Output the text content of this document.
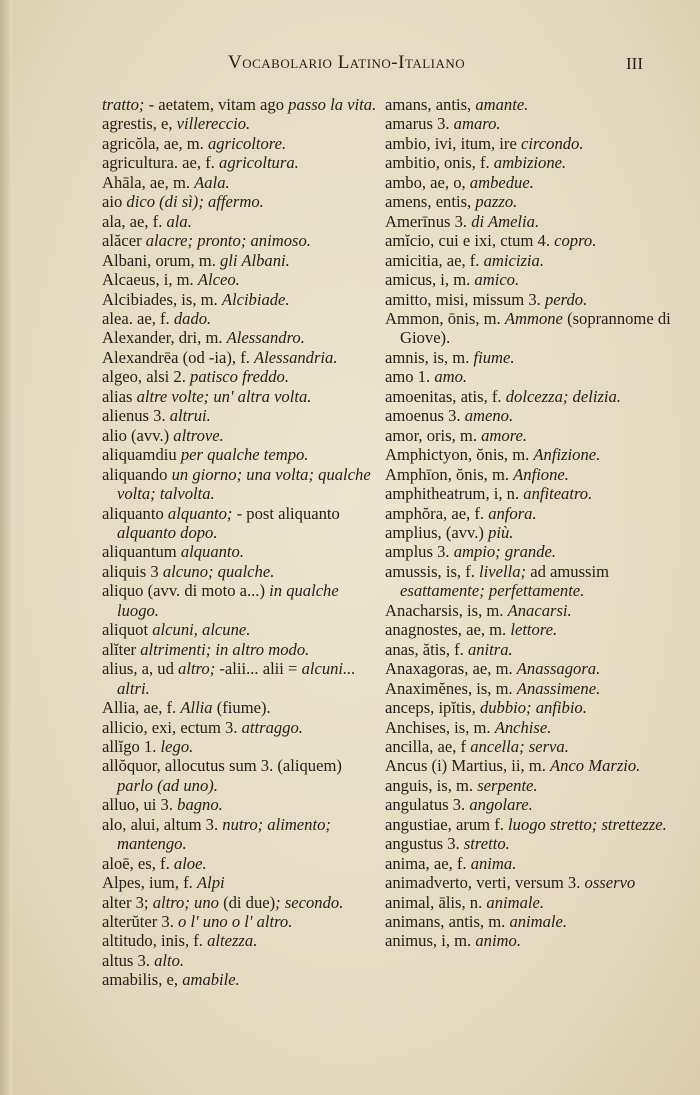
Vocabolario Latino-Italiano	III

tratto; - aetatem, vitam ago passo la vita.

agrestis, e, villereccio.

agricŏla, ae, m. agricoltore.

agricultura. ae, f. agricoltura.

Ahāla, ae, m. Aala.

aio dico (di sì); affermo.

ala, ae, f. ala.

alăcer alacre; pronto; animoso.

Albani, orum, m. gli Albani.

Alcaeus, i, m. Alceo.

Alcibiades, is, m. Alcibiade.

alea. ae, f. dado.

Alexander, dri, m. Alessandro.

Alexandrēa (od -ia), f. Alessandria.

algeo, alsi 2. patisco freddo.

alias altre volte; un' altra volta.

alienus 3. altrui.

alio (avv.) altrove.

aliquamdiu per qualche tempo.

aliquando un giorno; una volta; qualche volta; talvolta.

aliquanto alquanto; - post aliquanto alquanto dopo.

aliquantum alquanto.

aliquis 3 alcuno; qualche.

aliquo (avv. di moto a...) in qualche luogo.

aliquot alcuni, alcune.

alĭter altrimenti; in altro modo.

alius, a, ud altro; -alii... alii = alcuni... altri.

Allia, ae, f. Allia (fiume).

allicio, exi, ectum 3. attraggo.

allĭgo 1. lego.

allŏquor, allocutus sum 3. (aliquem) parlo (ad uno).

alluo, ui 3. bagno.

alo, alui, altum 3. nutro; alimento; mantengo.

aloē, es, f. aloe.

Alpes, ium, f. Alpi

alter 3; altro; uno (di due); secondo.

alterŭter 3. o l' uno o l' altro.

altitudo, inis, f. altezza.

altus 3. alto.

amabilis, e, amabile.

amans, antis, amante.

amarus 3. amaro.

ambio, ivi, itum, ire circondo.

ambitio, onis, f. ambizione.

ambo, ae, o, ambedue.

amens, entis, pazzo.

Amerīnus 3. di Amelia.

amĭcio, cui e ixi, ctum 4. copro.

amicitia, ae, f. amicizia.

amicus, i, m. amico.

amitto, misi, missum 3. perdo.

Ammon, ōnis, m. Ammone (soprannome di Giove).

amnis, is, m. fiume.

amo 1. amo.

amoenitas, atis, f. dolcezza; delizia.

amoenus 3. ameno.

amor, oris, m. amore.

Amphictyon, ŏnis, m. Anfizione.

Amphīon, ŏnis, m. Anfione.

amphitheatrum, i, n. anfiteatro.

amphŏra, ae, f. anfora.

amplius, (avv.) più.

amplus 3. ampio; grande.

amussis, is, f. livella; ad amussim esattamente; perfettamente.

Anacharsis, is, m. Anacarsi.

anagnostes, ae, m. lettore.

anas, ătis, f. anitra.

Anaxagoras, ae, m. Anassagora.

Anaximĕnes, is, m. Anassimene.

anceps, ipĭtis, dubbio; anfibio.

Anchises, is, m. Anchise.

ancilla, ae, f ancella; serva.

Ancus (i) Martius, ii, m. Anco Marzio.

anguis, is, m. serpente.

angulatus 3. angolare.

angustiae, arum f. luogo stretto; strettezze.

angustus 3. stretto.

anima, ae, f. anima.

animadverto, verti, versum 3. osservo

animal, ālis, n. animale.

animans, antis, m. animale.

animus, i, m. animo.
